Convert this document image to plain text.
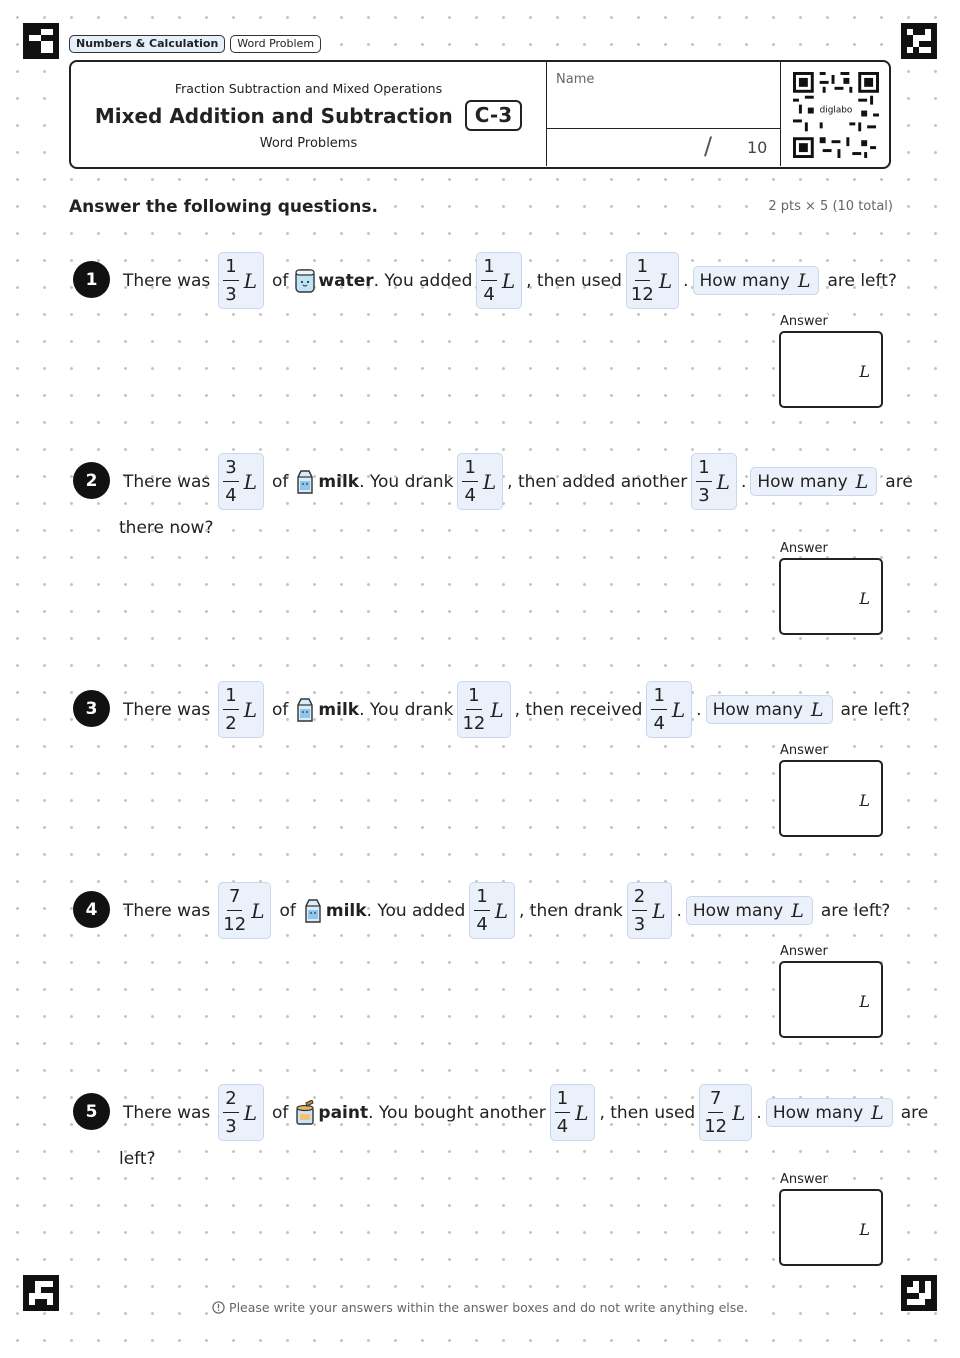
Numbers & Calculation	Word Problem
Fraction Subtraction and Mixed Operations
Mixed Addition and Subtraction	C-3
Word Problems
Name
/ 10
diglabo
Answer the following questions.	2 pts × 5 (10 total)
1	There was $\frac{1}{3}$ L of water . You added $\frac{1}{4}$ L , then used $\frac{1}{12}$ L . How many L are left?
Answer
L
2	There was $\frac{3}{4}$ L of milk . You drank $\frac{1}{4}$ L , then added another $\frac{1}{3}$ L . How many L are
there now?
Answer
L
3	There was $\frac{1}{2}$ L of milk . You drank $\frac{1}{12}$ L , then received $\frac{1}{4}$ L . How many L are left?
Answer
L
4	There was $\frac{7}{12}$ L of milk . You added $\frac{1}{4}$ L , then drank $\frac{2}{3}$ L . How many L are left?
Answer
L
5	There was $\frac{2}{3}$ L of paint . You bought another $\frac{1}{4}$ L , then used $\frac{7}{12}$ L . How many L are
left?
Answer
L
Please write your answers within the answer boxes and do not write anything else.
